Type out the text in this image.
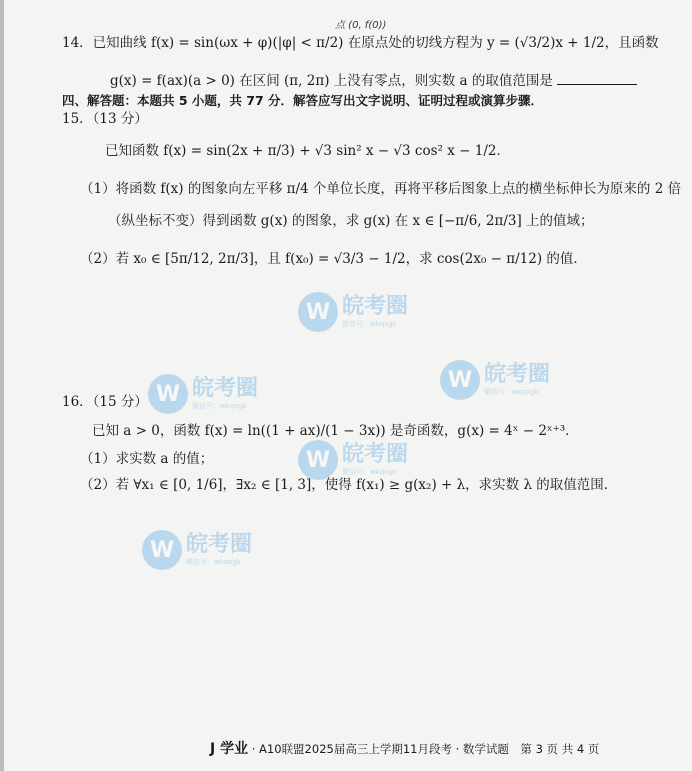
点 (0, f(0))
14．已知曲线 f(x) = sin(ωx + φ)(|φ| < π/2) 在原点处的切线方程为 y = (√3/2)x + 1/2，且函数
g(x) = f(ax)(a > 0) 在区间 (π, 2π) 上没有零点，则实数 a 的取值范围是
四、解答题：本题共 5 小题，共 77 分．解答应写出文字说明、证明过程或演算步骤．
15．（13 分）
已知函数 f(x) = sin(2x + π/3) + √3 sin² x − √3 cos² x − 1/2．
（1）将函数 f(x) 的图象向左平移 π/4 个单位长度，再将平移后图象上点的横坐标伸长为原来的 2 倍
（纵坐标不变）得到函数 g(x) 的图象，求 g(x) 在 x ∈ [−π/6, 2π/3] 上的值域；
（2）若 x₀ ∈ [5π/12, 2π/3]，且 f(x₀) = √3/3 − 1/2，求 cos(2x₀ − π/12) 的值．
16．（15 分）
已知 a > 0，函数 f(x) = ln((1 + ax)/(1 − 3x)) 是奇函数，g(x) = 4ˣ − 2ˣ⁺³．
（1）求实数 a 的值；
（2）若 ∀x₁ ∈ [0, 1/6]，∃x₂ ∈ [1, 3]，使得 f(x₁) ≥ g(x₂) + λ，求实数 λ 的取值范围．
W 皖考圈
微信号：wkqxgk
W 皖考圈
微信号：wkqxgk
W 皖考圈
微信号：wkqxgk
W 皖考圈
微信号：wkqxgk
W 皖考圈
微信号：wkqxgk
J 学业 · A10联盟2025届高三上学期11月段考 · 数学试题　第 3 页 共 4 页
